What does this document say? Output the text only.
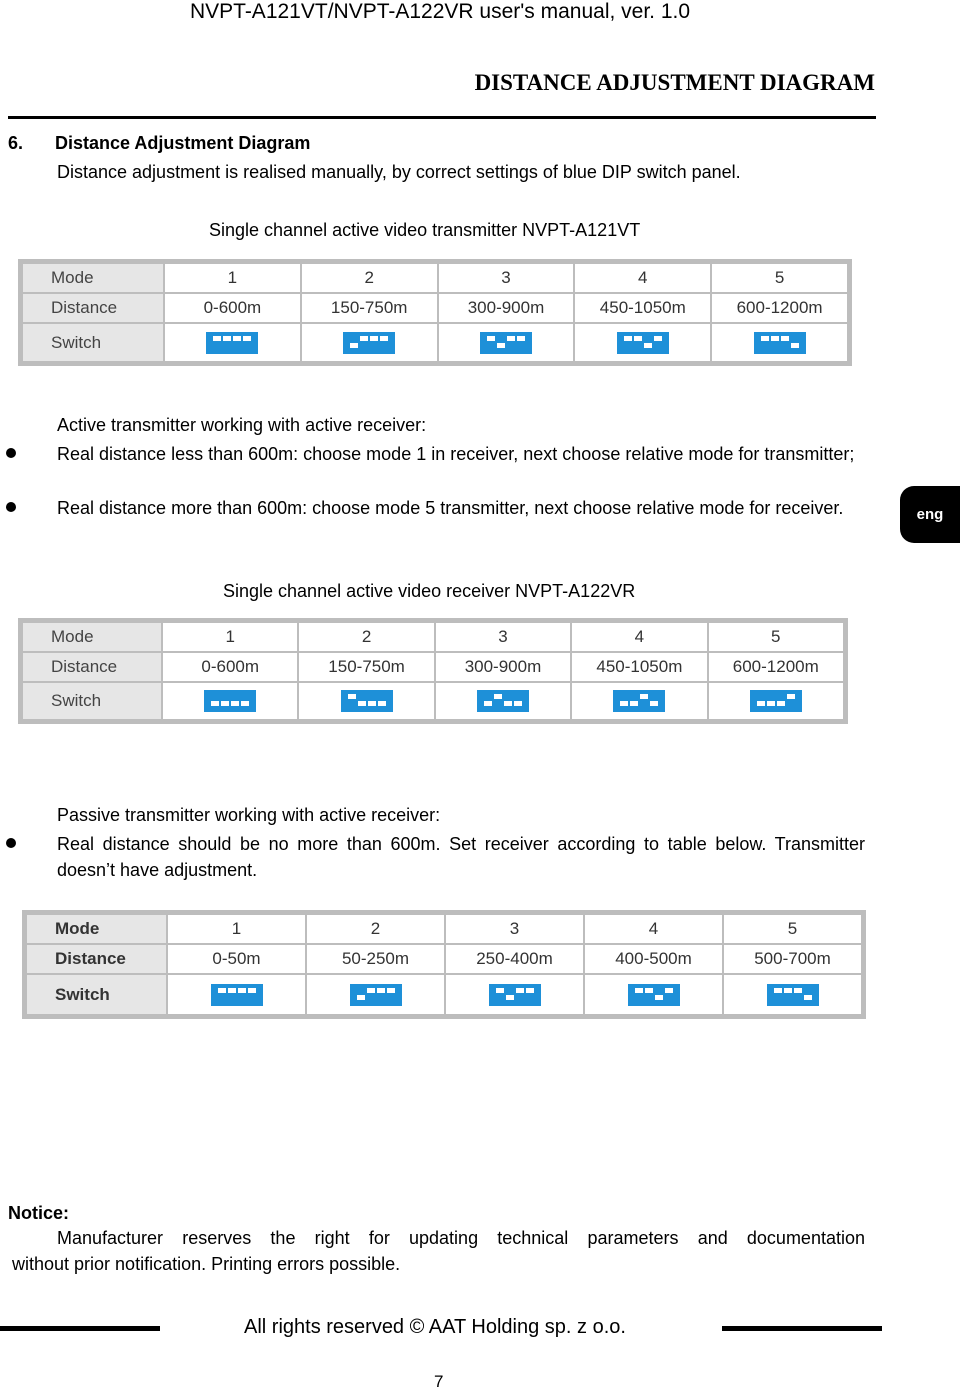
NVPT-A121VT/NVPT-A122VR user's manual, ver. 1.0
DISTANCE ADJUSTMENT DIAGRAM
6. Distance Adjustment Diagram
Distance adjustment is realised manually, by correct settings of blue DIP switch panel.
Single channel active video transmitter NVPT-A121VT
Mode	1	2	3	4	5
Distance	0-600m	150-750m	300-900m	450-1050m	600-1200m
Switch	

Active transmitter working with active receiver:
Real distance less than 600m: choose mode 1 in receiver, next choose relative mode for transmitter;
Real distance more than 600m: choose mode 5 transmitter, next choose relative mode for receiver.	eng
Single channel active video receiver NVPT-A122VR
Mode	1	2	3	4	5
Distance	0-600m	150-750m	300-900m	450-1050m	600-1200m
Switch	

Passive transmitter working with active receiver:
Real distance should be no more than 600m. Set receiver according to table below. Transmitter doesn’t have adjustment.
Mode	1	2	3	4	5
Distance	0-50m	50-250m	250-400m	400-500m	500-700m
Switch	

Notice:
Manufacturer reserves the right for updating technical parameters and documentation
without prior notification. Printing errors possible.
All rights reserved © AAT Holding sp. z o.o.
7
